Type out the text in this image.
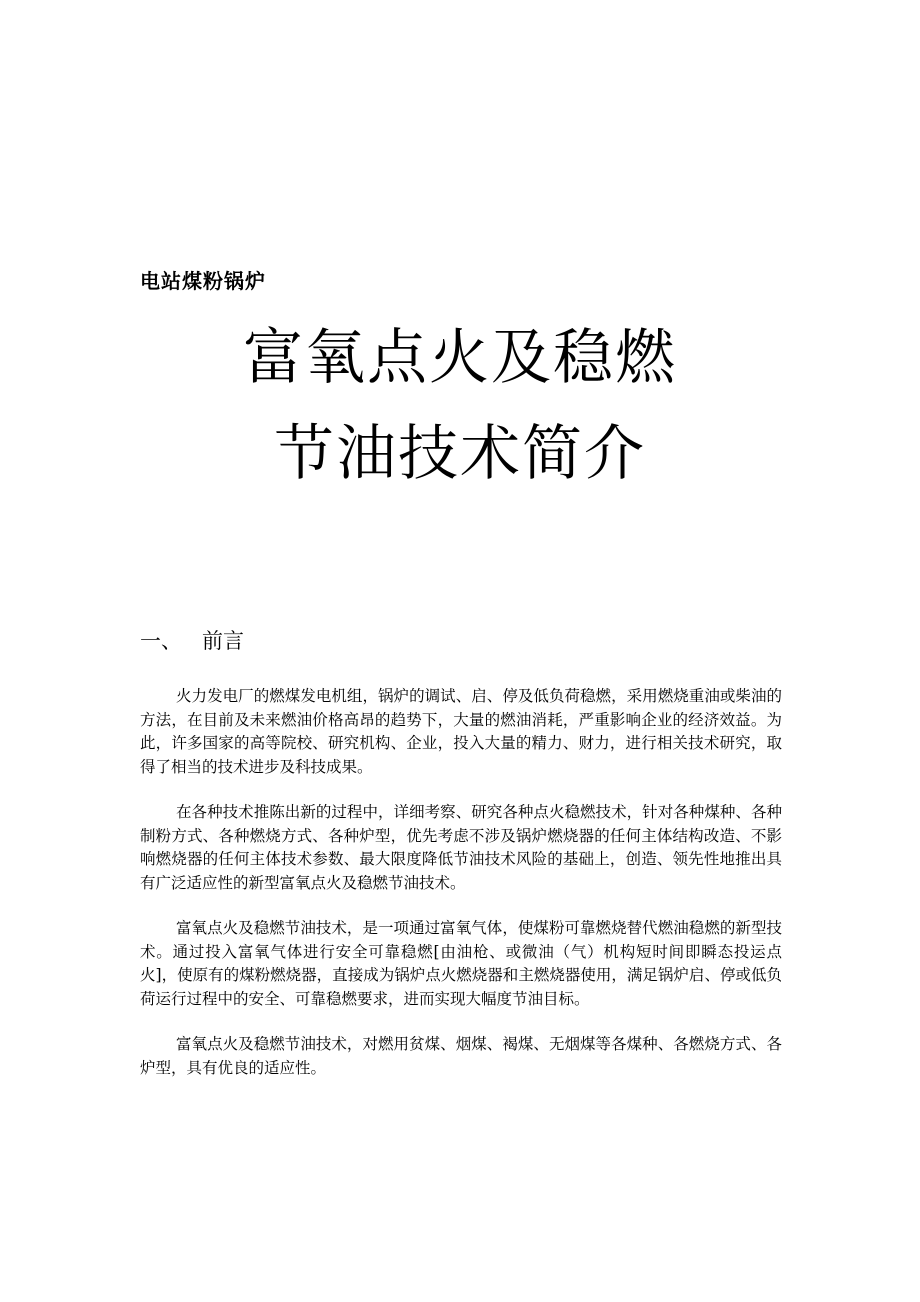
电站煤粉锅炉
富氧点火及稳燃
节油技术简介
一、 前言

火力发电厂的燃煤发电机组，锅炉的调试、启、停及低负荷稳燃，采用燃烧重油或柴油的方法，在目前及未来燃油价格高昂的趋势下，大量的燃油消耗，严重影响企业的经济效益。为此，许多国家的高等院校、研究机构、企业，投入大量的精力、财力，进行相关技术研究，取得了相当的技术进步及科技成果。

在各种技术推陈出新的过程中，详细考察、研究各种点火稳燃技术，针对各种煤种、各种制粉方式、各种燃烧方式、各种炉型，优先考虑不涉及锅炉燃烧器的任何主体结构改造、不影响燃烧器的任何主体技术参数、最大限度降低节油技术风险的基础上，创造、领先性地推出具有广泛适应性的新型富氧点火及稳燃节油技术。

富氧点火及稳燃节油技术，是一项通过富氧气体，使煤粉可靠燃烧替代燃油稳燃的新型技术。通过投入富氧气体进行安全可靠稳燃[由油枪、或微油（气）机构短时间即瞬态投运点火]，使原有的煤粉燃烧器，直接成为锅炉点火燃烧器和主燃烧器使用，满足锅炉启、停或低负荷运行过程中的安全、可靠稳燃要求，进而实现大幅度节油目标。

富氧点火及稳燃节油技术，对燃用贫煤、烟煤、褐煤、无烟煤等各煤种、各燃烧方式、各炉型，具有优良的适应性。
